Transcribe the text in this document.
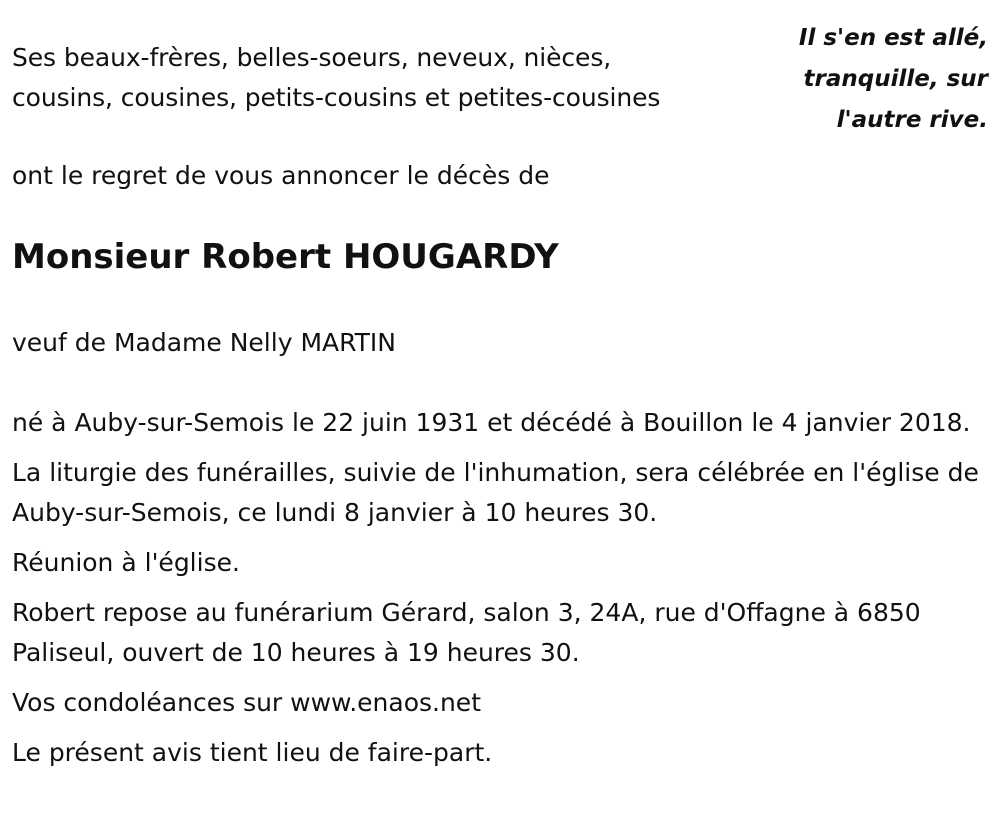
Ses beaux-frères, belles-soeurs, neveux, nièces,

cousins, cousines, petits-cousins et petites-cousines

Il s'en est allé,

tranquille, sur

l'autre rive.

ont le regret de vous annoncer le décès de

Monsieur Robert HOUGARDY

veuf de Madame Nelly MARTIN

né à Auby-sur-Semois le 22 juin 1931 et décédé à Bouillon le 4 janvier 2018.

La liturgie des funérailles, suivie de l'inhumation, sera célébrée en l'église de Auby-sur-Semois, ce lundi 8 janvier à 10 heures 30.

Réunion à l'église.

Robert repose au funérarium Gérard, salon 3, 24A, rue d'Offagne à 6850 Paliseul, ouvert de 10 heures à 19 heures 30.

Vos condoléances sur www.enaos.net

Le présent avis tient lieu de faire-part.
